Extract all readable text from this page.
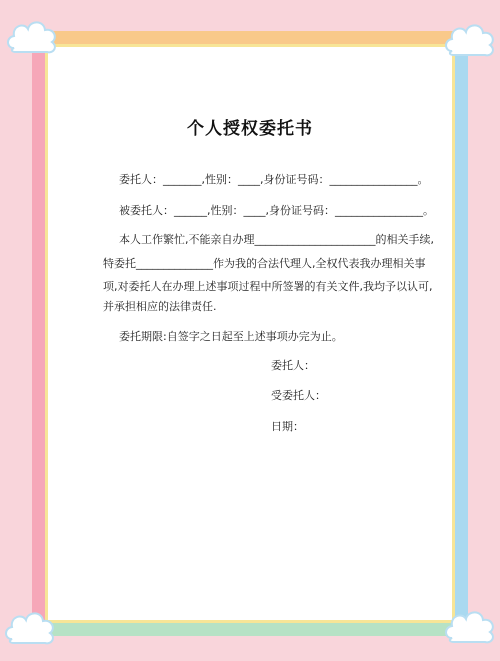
个人授权委托书
委托人：_______,性别：____,身份证号码：________________。
被委托人：______,性别：____,身份证号码：________________。
本人工作繁忙,不能亲自办理______________________的相关手续,
特委托______________作为我的合法代理人,全权代表我办理相关事
项,对委托人在办理上述事项过程中所签署的有关文件,我均予以认可,
并承担相应的法律责任.
委托期限:自签字之日起至上述事项办完为止。
委托人：
受委托人：
日期：
